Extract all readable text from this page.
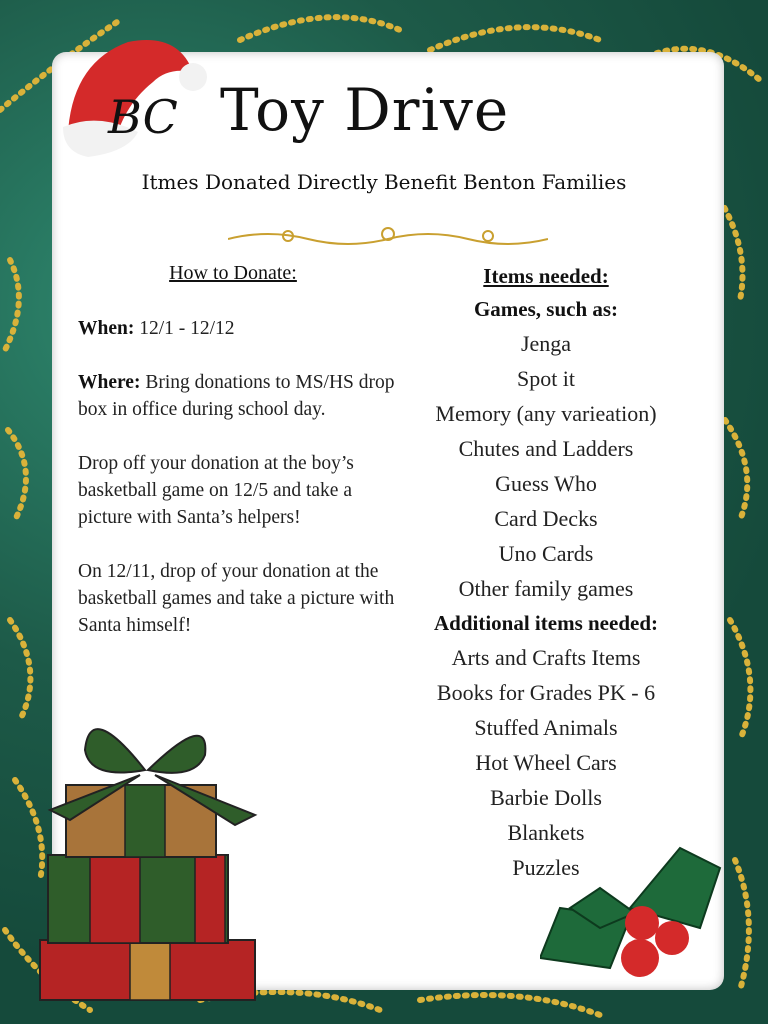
BC Toy Drive
Itmes Donated Directly Benefit Benton Families
How to Donate:

When: 12/1 - 12/12

Where: Bring donations to MS/HS drop box in office during school day.

Drop off your donation at the boy’s basketball game on 12/5 and take a picture with Santa’s helpers!

On 12/11, drop of your donation at the basketball games and take a picture with Santa himself!

Items needed:
Games, such as:
Jenga
Spot it
Memory (any varieation)
Chutes and Ladders
Guess Who
Card Decks
Uno Cards
Other family games
Additional items needed:
Arts and Crafts Items
Books for Grades PK - 6
Stuffed Animals
Hot Wheel Cars
Barbie Dolls
Blankets
Puzzles
